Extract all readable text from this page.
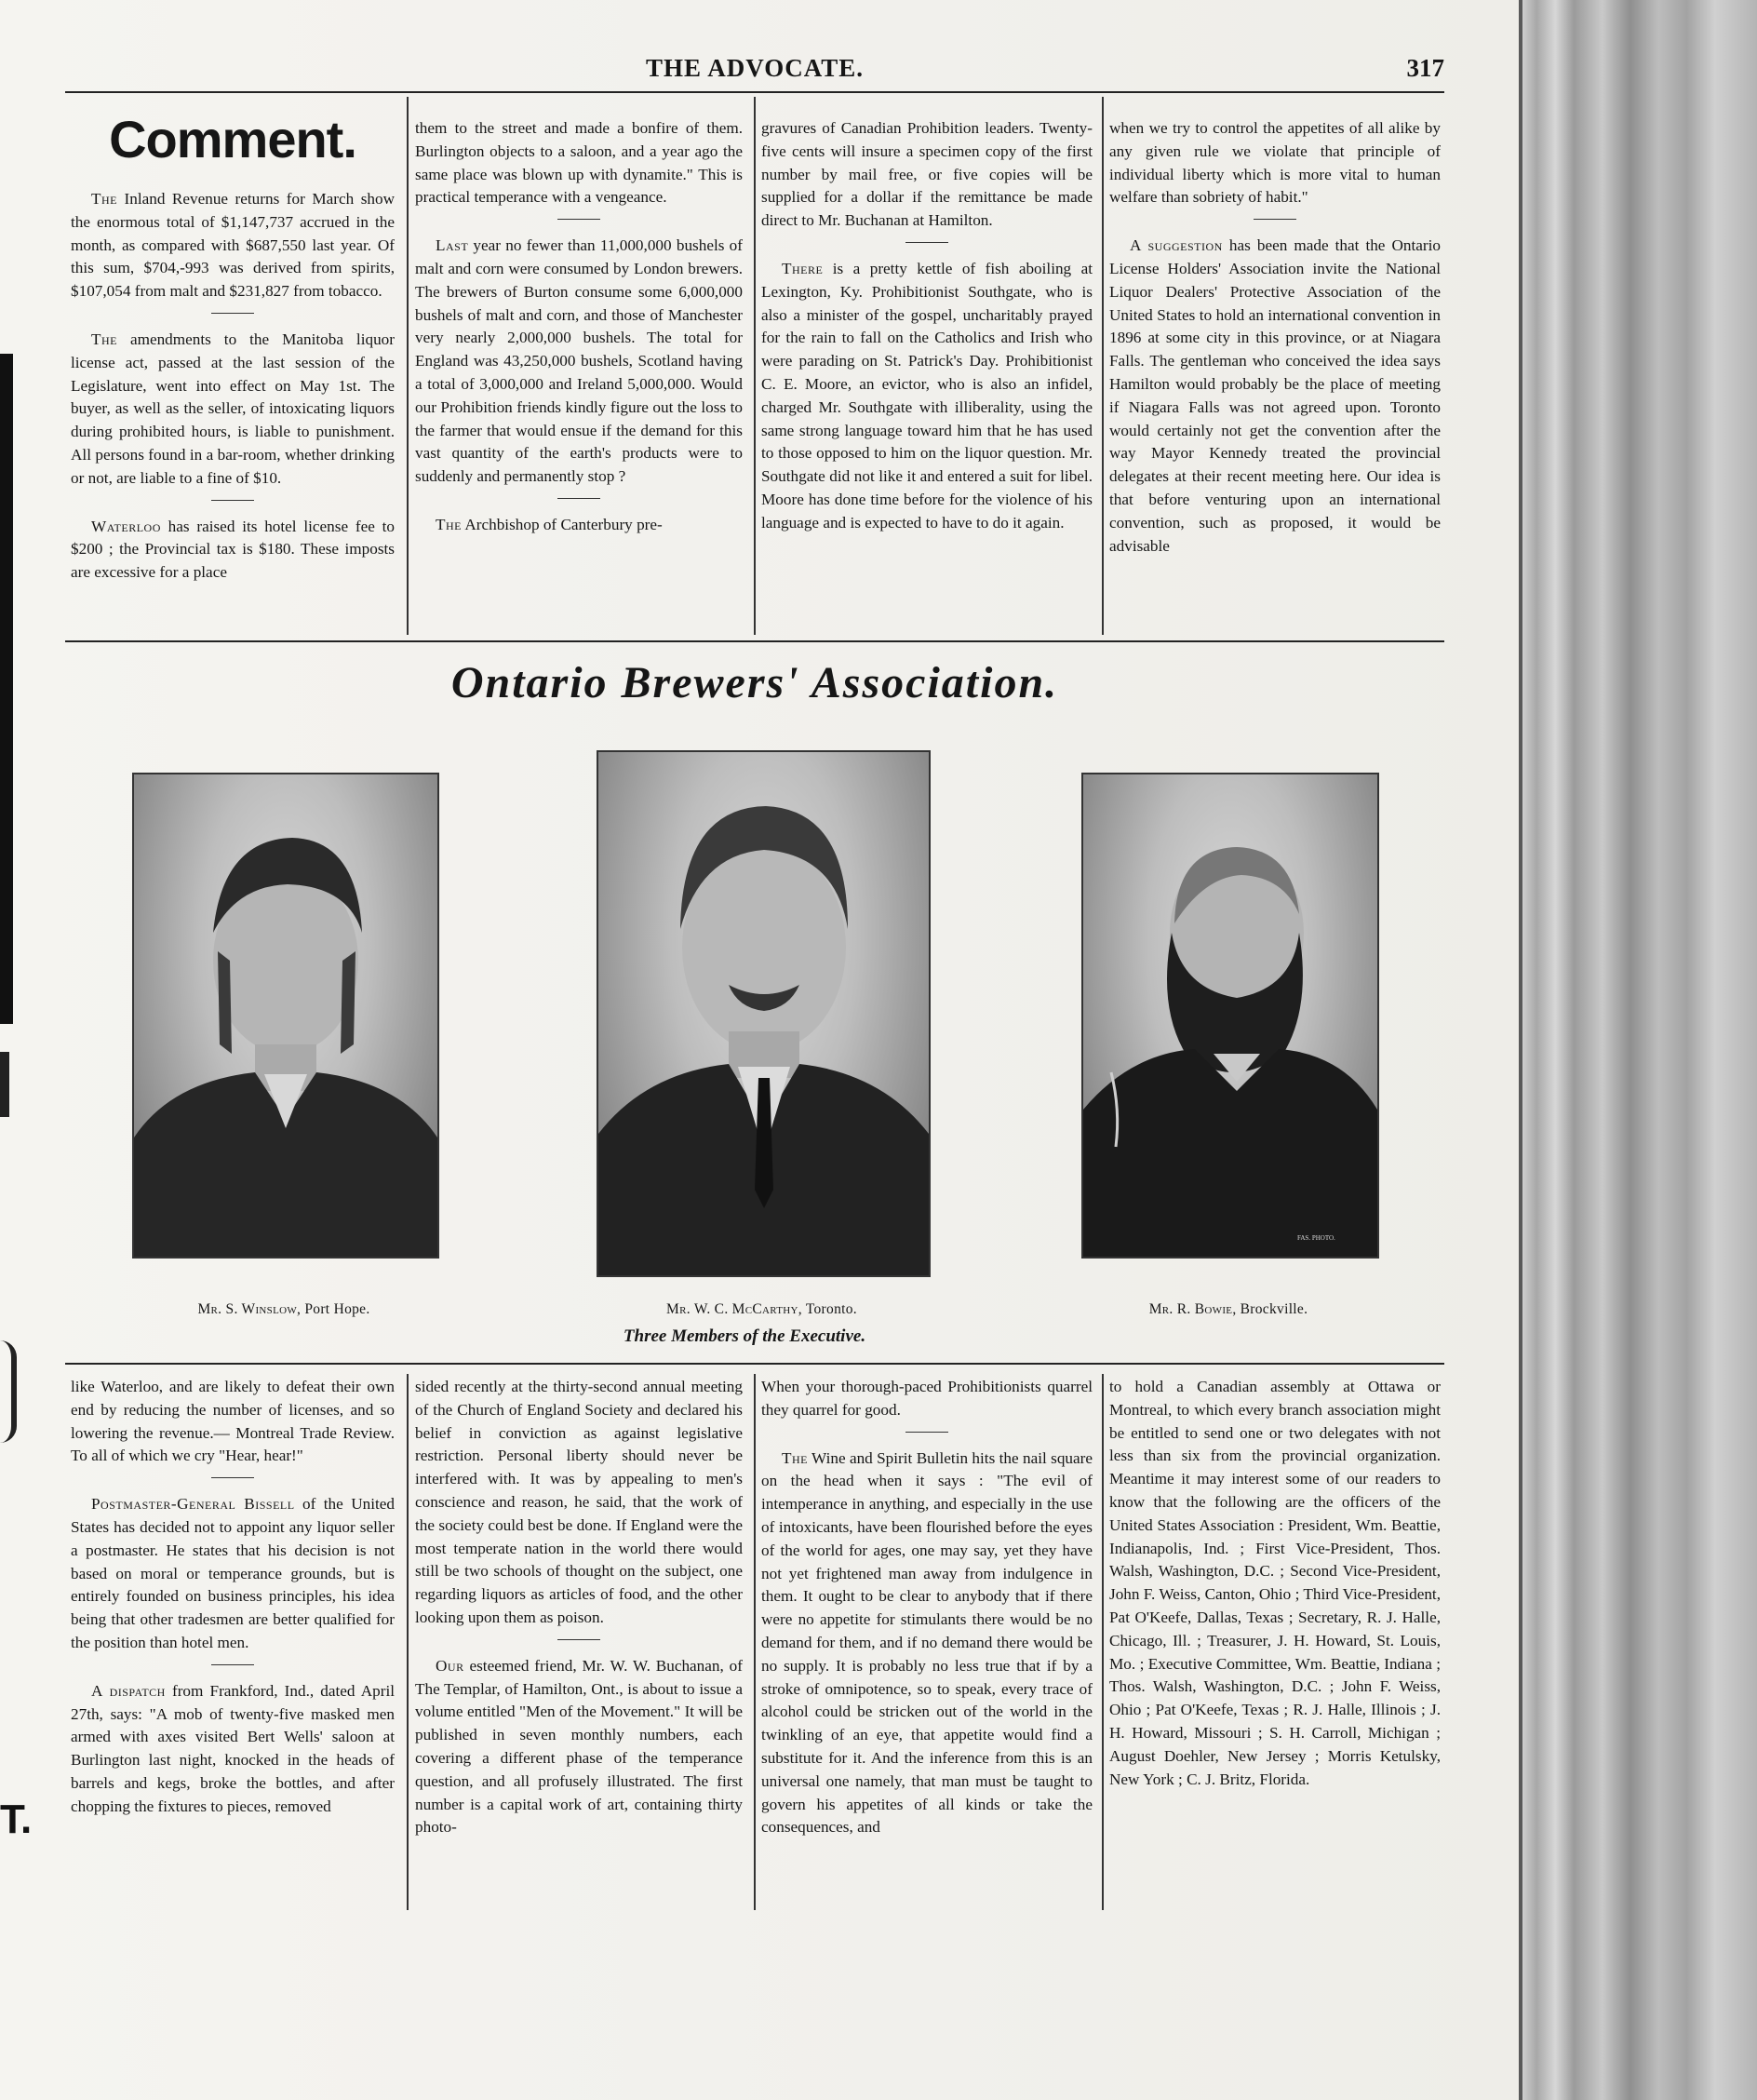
T.
THE ADVOCATE.	317
Comment.

The Inland Revenue returns for March show the enormous total of $1,147,737 accrued in the month, as compared with $687,550 last year. Of this sum, $704,-993 was derived from spirits, $107,054 from malt and $231,827 from tobacco.

The amendments to the Manitoba liquor license act, passed at the last session of the Legislature, went into effect on May 1st. The buyer, as well as the seller, of intoxicating liquors during prohibited hours, is liable to punishment. All persons found in a bar-room, whether drinking or not, are liable to a fine of $10.

Waterloo has raised its hotel license fee to $200 ; the Provincial tax is $180. These imposts are excessive for a place

them to the street and made a bonfire of them. Burlington objects to a saloon, and a year ago the same place was blown up with dynamite." This is practical temperance with a vengeance.

Last year no fewer than 11,000,000 bushels of malt and corn were consumed by London brewers. The brewers of Burton consume some 6,000,000 bushels of malt and corn, and those of Manchester very nearly 2,000,000 bushels. The total for England was 43,250,000 bushels, Scotland having a total of 3,000,000 and Ireland 5,000,000. Would our Prohibition friends kindly figure out the loss to the farmer that would ensue if the demand for this vast quantity of the earth's products were to suddenly and permanently stop ?

The Archbishop of Canterbury pre-

gravures of Canadian Prohibition leaders. Twenty-five cents will insure a specimen copy of the first number by mail free, or five copies will be supplied for a dollar if the remittance be made direct to Mr. Buchanan at Hamilton.

There is a pretty kettle of fish aboiling at Lexington, Ky. Prohibitionist Southgate, who is also a minister of the gospel, uncharitably prayed for the rain to fall on the Catholics and Irish who were parading on St. Patrick's Day. Prohibitionist C. E. Moore, an evictor, who is also an infidel, charged Mr. Southgate with illiberality, using the same strong language toward him that he has used to those opposed to him on the liquor question. Mr. Southgate did not like it and entered a suit for libel. Moore has done time before for the violence of his language and is expected to have to do it again.

when we try to control the appetites of all alike by any given rule we violate that principle of individual liberty which is more vital to human welfare than sobriety of habit."

A suggestion has been made that the Ontario License Holders' Association invite the National Liquor Dealers' Protective Association of the United States to hold an international convention in 1896 at some city in this province, or at Niagara Falls. The gentleman who conceived the idea says Hamilton would probably be the place of meeting if Niagara Falls was not agreed upon. Toronto would certainly not get the convention after the way Mayor Kennedy treated the provincial delegates at their recent meeting here. Our idea is that before venturing upon an international convention, such as proposed, it would be advisable

Ontario Brewers' Association.
FAS. PHOTO.
Mr. S. Winslow, Port Hope.	Mr. W. C. McCarthy, Toronto.	Mr. R. Bowie, Brockville.
Three Members of the Executive.

like Waterloo, and are likely to defeat their own end by reducing the number of licenses, and so lowering the revenue.— Montreal Trade Review. To all of which we cry "Hear, hear!"

Postmaster-General Bissell of the United States has decided not to appoint any liquor seller a postmaster. He states that his decision is not based on moral or temperance grounds, but is entirely founded on business principles, his idea being that other tradesmen are better qualified for the position than hotel men.

A dispatch from Frankford, Ind., dated April 27th, says: "A mob of twenty-five masked men armed with axes visited Bert Wells' saloon at Burlington last night, knocked in the heads of barrels and kegs, broke the bottles, and after chopping the fixtures to pieces, removed

sided recently at the thirty-second annual meeting of the Church of England Society and declared his belief in conviction as against legislative restriction. Personal liberty should never be interfered with. It was by appealing to men's conscience and reason, he said, that the work of the society could best be done. If England were the most temperate nation in the world there would still be two schools of thought on the subject, one regarding liquors as articles of food, and the other looking upon them as poison.

Our esteemed friend, Mr. W. W. Buchanan, of The Templar, of Hamilton, Ont., is about to issue a volume entitled "Men of the Movement." It will be published in seven monthly numbers, each covering a different phase of the temperance question, and all profusely illustrated. The first number is a capital work of art, containing thirty photo-

When your thorough-paced Prohibitionists quarrel they quarrel for good.

The Wine and Spirit Bulletin hits the nail square on the head when it says : "The evil of intemperance in anything, and especially in the use of intoxicants, have been flourished before the eyes of the world for ages, one may say, yet they have not yet frightened man away from indulgence in them. It ought to be clear to anybody that if there were no appetite for stimulants there would be no demand for them, and if no demand there would be no supply. It is probably no less true that if by a stroke of omnipotence, so to speak, every trace of alcohol could be stricken out of the world in the twinkling of an eye, that appetite would find a substitute for it. And the inference from this is an universal one namely, that man must be taught to govern his appetites of all kinds or take the consequences, and

to hold a Canadian assembly at Ottawa or Montreal, to which every branch association might be entitled to send one or two delegates with not less than six from the provincial organization. Meantime it may interest some of our readers to know that the following are the officers of the United States Association : President, Wm. Beattie, Indianapolis, Ind. ; First Vice-President, Thos. Walsh, Washington, D.C. ; Second Vice-President, John F. Weiss, Canton, Ohio ; Third Vice-President, Pat O'Keefe, Dallas, Texas ; Secretary, R. J. Halle, Chicago, Ill. ; Treasurer, J. H. Howard, St. Louis, Mo. ; Executive Committee, Wm. Beattie, Indiana ; Thos. Walsh, Washington, D.C. ; John F. Weiss, Ohio ; Pat O'Keefe, Texas ; R. J. Halle, Illinois ; J. H. Howard, Missouri ; S. H. Carroll, Michigan ; August Doehler, New Jersey ; Morris Ketulsky, New York ; C. J. Britz, Florida.
